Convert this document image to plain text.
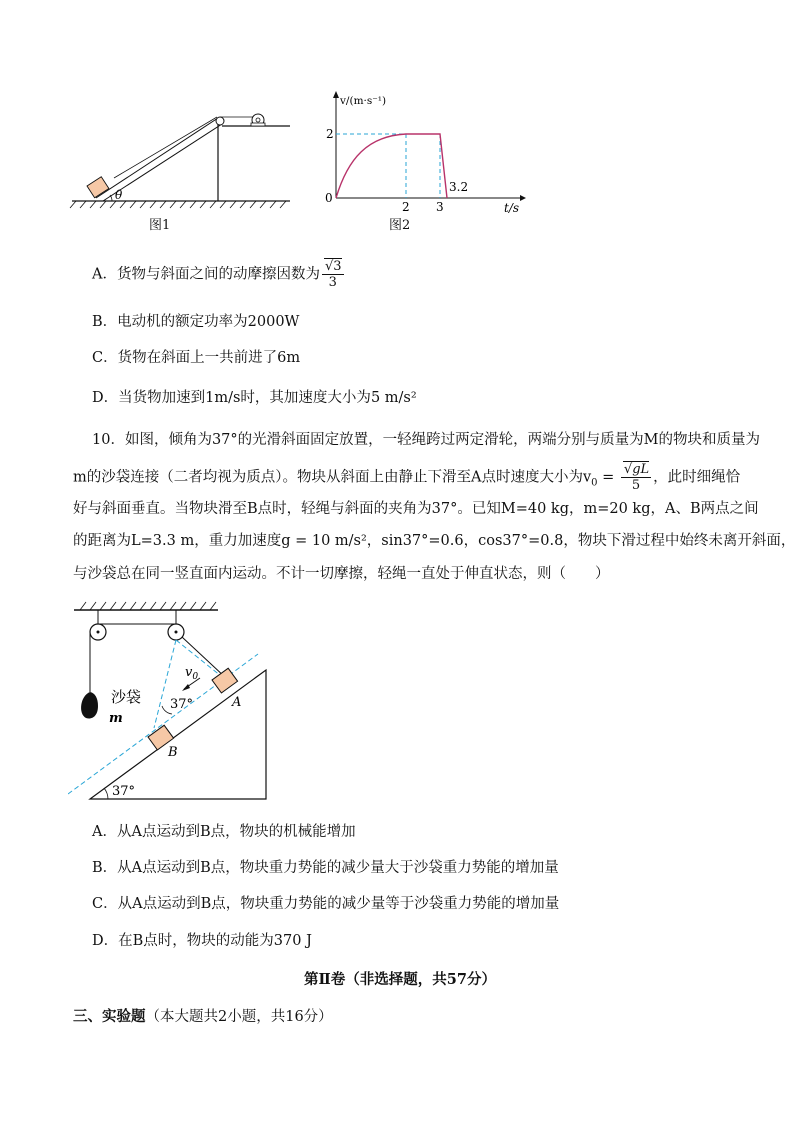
θ
图1
v/(m·s⁻¹)
2
0
2 3
3.2
t/s
图2
A．货物与斜面之间的动摩擦因数为 $\frac{√3}{3}$
B．电动机的额定功率为2000W
C．货物在斜面上一共前进了6m
D．当货物加速到1m/s时，其加速度大小为5 m/s²
10．如图，倾角为37°的光滑斜面固定放置，一轻绳跨过两定滑轮，两端分别与质量为M的物块和质量为
m的沙袋连接（二者均视为质点）。物块从斜面上由静止下滑至A点时速度大小为$v_0 = \frac{√gL}{5}$ ，此时细绳恰
好与斜面垂直。当物块滑至B点时，轻绳与斜面的夹角为37°。已知M=40 kg，m=20 kg，A、B两点之间
的距离为L=3.3 m，重力加速度g = 10 m/s²，sin37°=0.6，cos37°=0.8，物块下滑过程中始终未离开斜面，
与沙袋总在同一竖直面内运动。不计一切摩擦，轻绳一直处于伸直状态，则（　　）
沙袋
m
$v_0$
37°
37°
A
B
A．从A点运动到B点，物块的机械能增加
B．从A点运动到B点，物块重力势能的减少量大于沙袋重力势能的增加量
C．从A点运动到B点，物块重力势能的减少量等于沙袋重力势能的增加量
D．在B点时，物块的动能为370 J
第Ⅱ卷（非选择题，共57分）
三、实验题（本大题共2小题，共16分）
